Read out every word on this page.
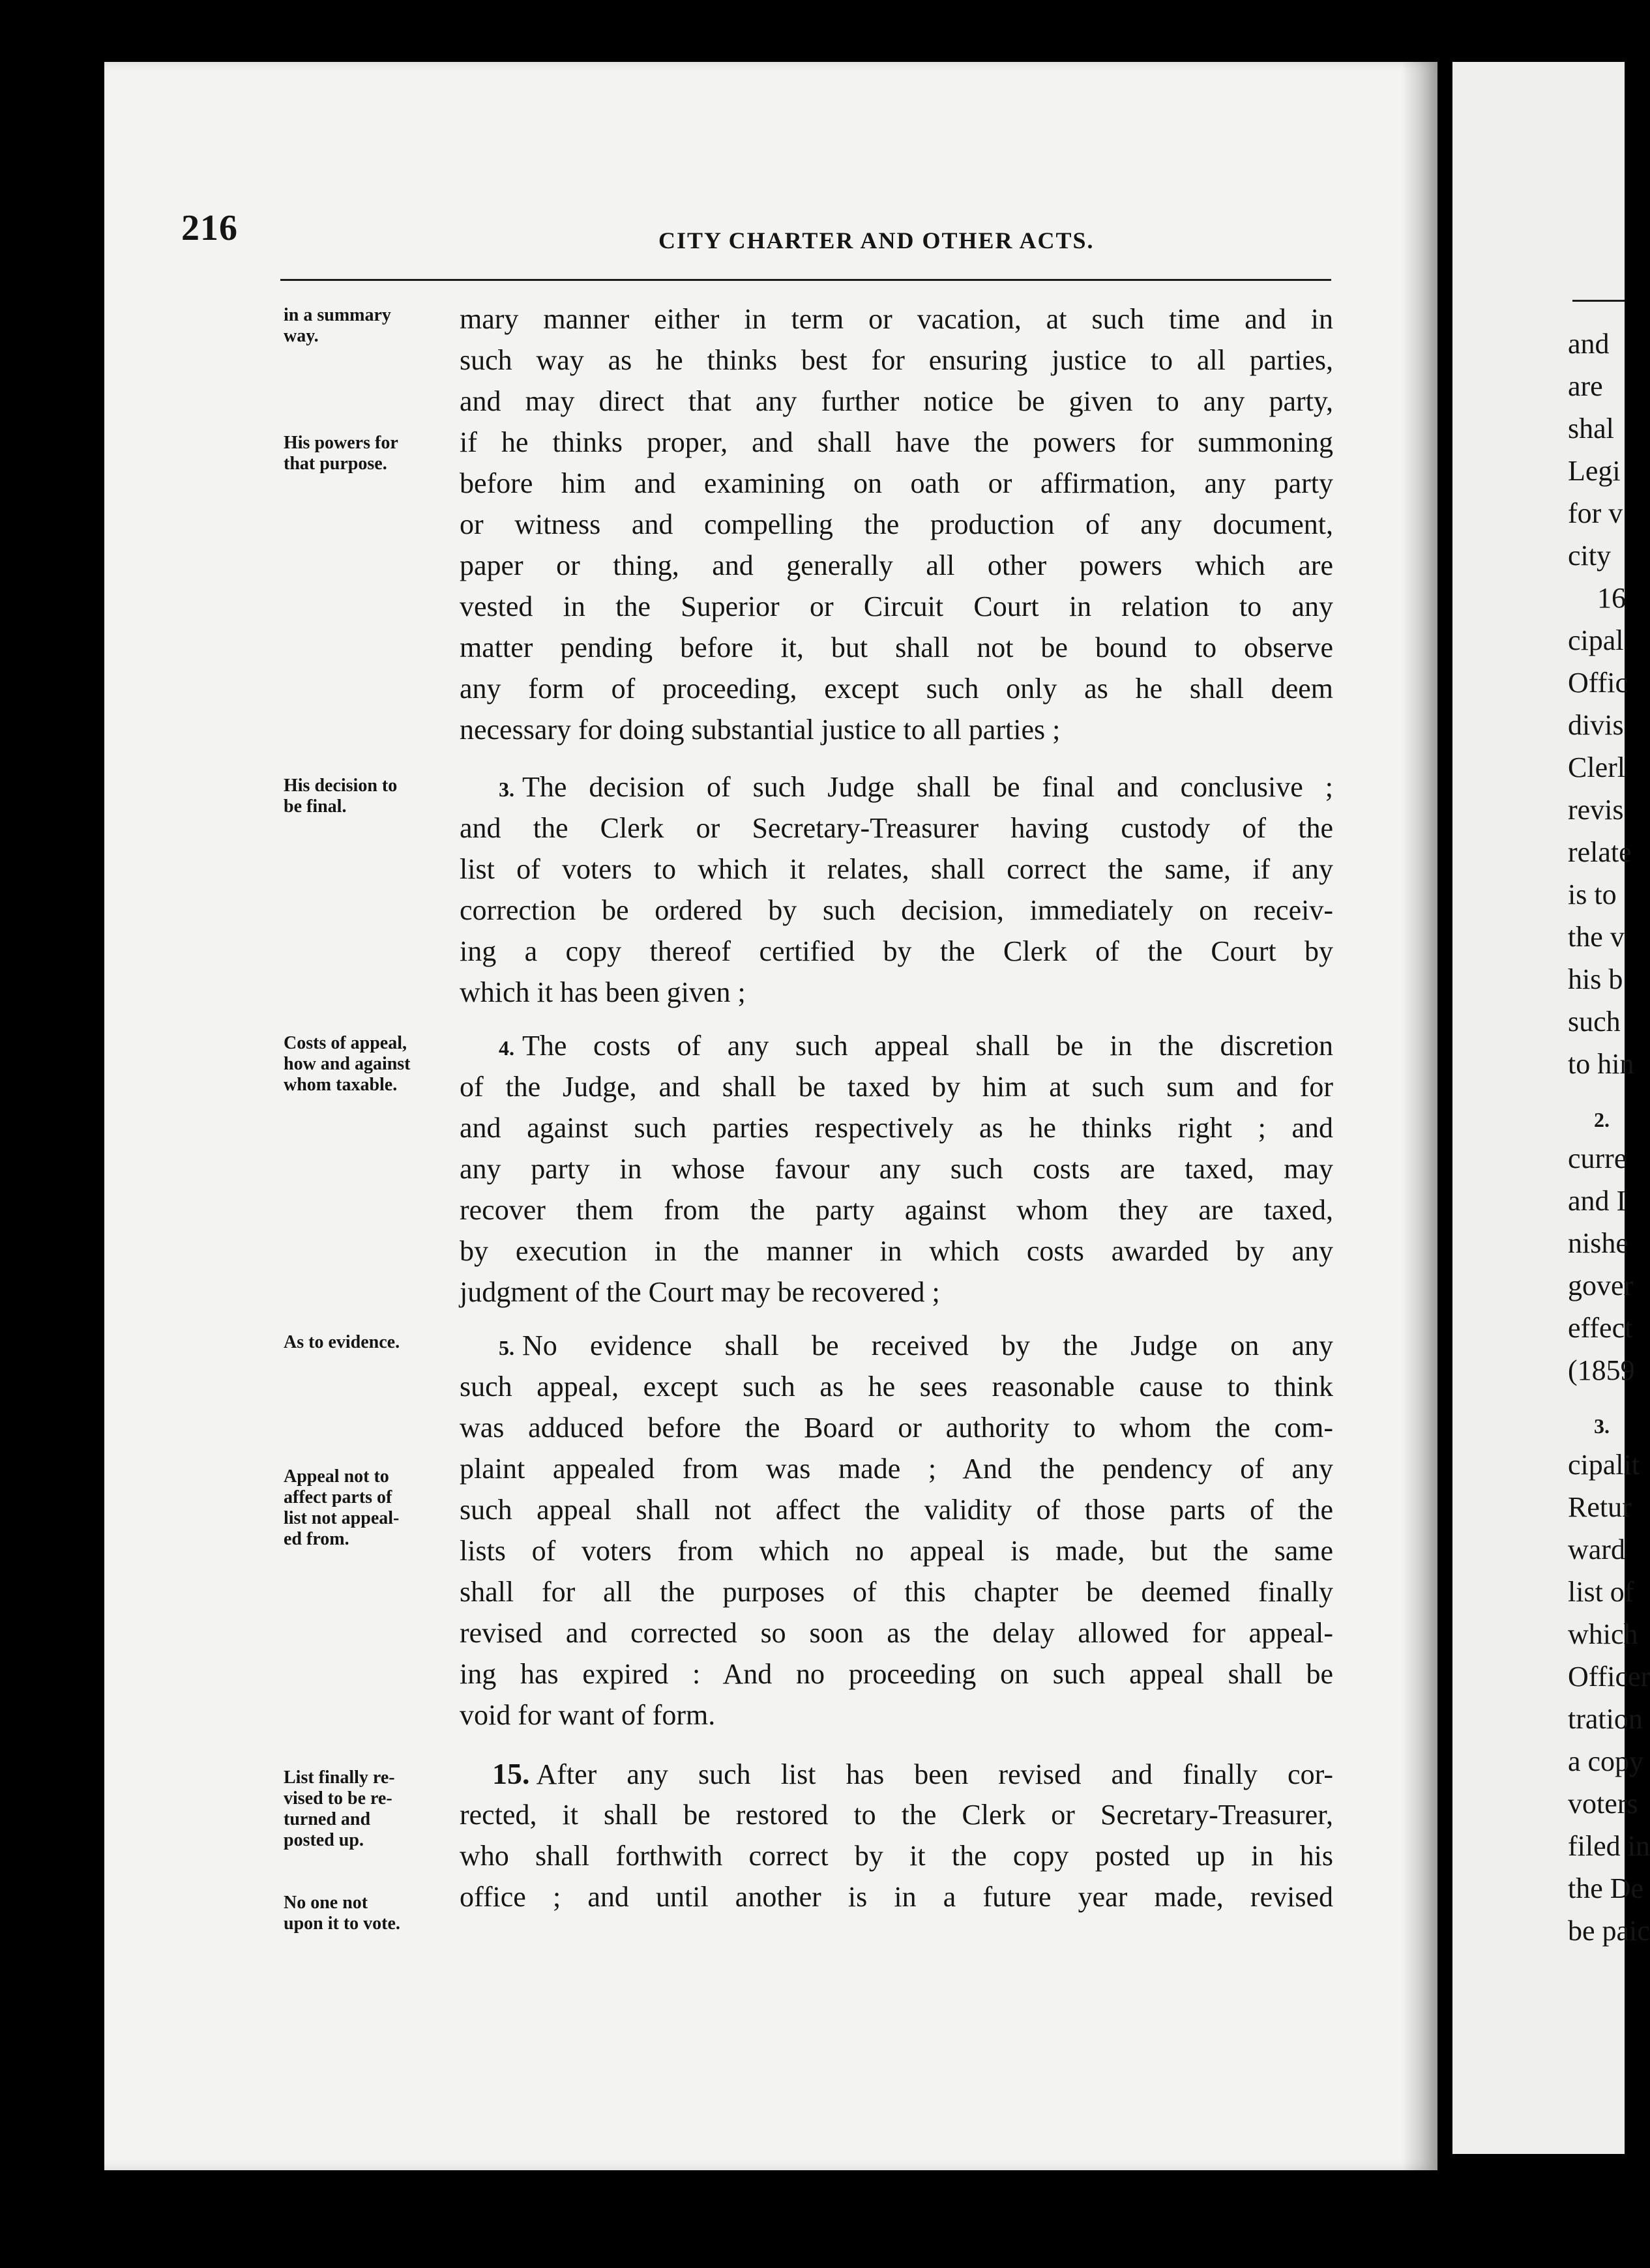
216	CITY CHARTER AND OTHER ACTS.
in a summary
way.
His powers for
that purpose.
His decision to
be final.
Costs of appeal,
how and against
whom taxable.
As to evidence.
Appeal not to
affect parts of
list not appeal-
ed from.
List finally re-
vised to be re-
turned and
posted up.
No one not
upon it to vote.
mary manner either in term or vacation, at such time and in
such way as he thinks best for ensuring justice to all parties,
and may direct that any further notice be given to any party,
if he thinks proper, and shall have the powers for summoning
before him and examining on oath or affirmation, any party
or witness and compelling the production of any document,
paper or thing, and generally all other powers which are
vested in the Superior or Circuit Court in relation to any
matter pending before it, but shall not be bound to observe
any form of proceeding, except such only as he shall deem
necessary for doing substantial justice to all parties ;
3. The decision of such Judge shall be final and conclusive ;
and the Clerk or Secretary-Treasurer having custody of the
list of voters to which it relates, shall correct the same, if any
correction be ordered by such decision, immediately on receiv-
ing a copy thereof certified by the Clerk of the Court by
which it has been given ;
4. The costs of any such appeal shall be in the discretion
of the Judge, and shall be taxed by him at such sum and for
and against such parties respectively as he thinks right ; and
any party in whose favour any such costs are taxed, may
recover them from the party against whom they are taxed,
by execution in the manner in which costs awarded by any
judgment of the Court may be recovered ;
5. No evidence shall be received by the Judge on any
such appeal, except such as he sees reasonable cause to think
was adduced before the Board or authority to whom the com-
plaint appealed from was made ; And the pendency of any
such appeal shall not affect the validity of those parts of the
lists of voters from which no appeal is made, but the same
shall for all the purposes of this chapter be deemed finally
revised and corrected so soon as the delay allowed for appeal-
ing has expired : And no proceeding on such appeal shall be
void for want of form.
15. After any such list has been revised and finally cor-
rected, it shall be restored to the Clerk or Secretary-Treasurer,
who shall forthwith correct by it the copy posted up in his
office ; and until another is in a future year made, revised
and
are
shal
Legi
for v
city
16
cipal
Offic
divis
Clerl
revis
relate
is to
the v
his b
such
to hin
2.
curre
and I
nishe
gover
effect
(1859
3.
cipalit
Retur
ward
list of
which
Officer
tration
a copy
voters
filed in
the De
be paic
